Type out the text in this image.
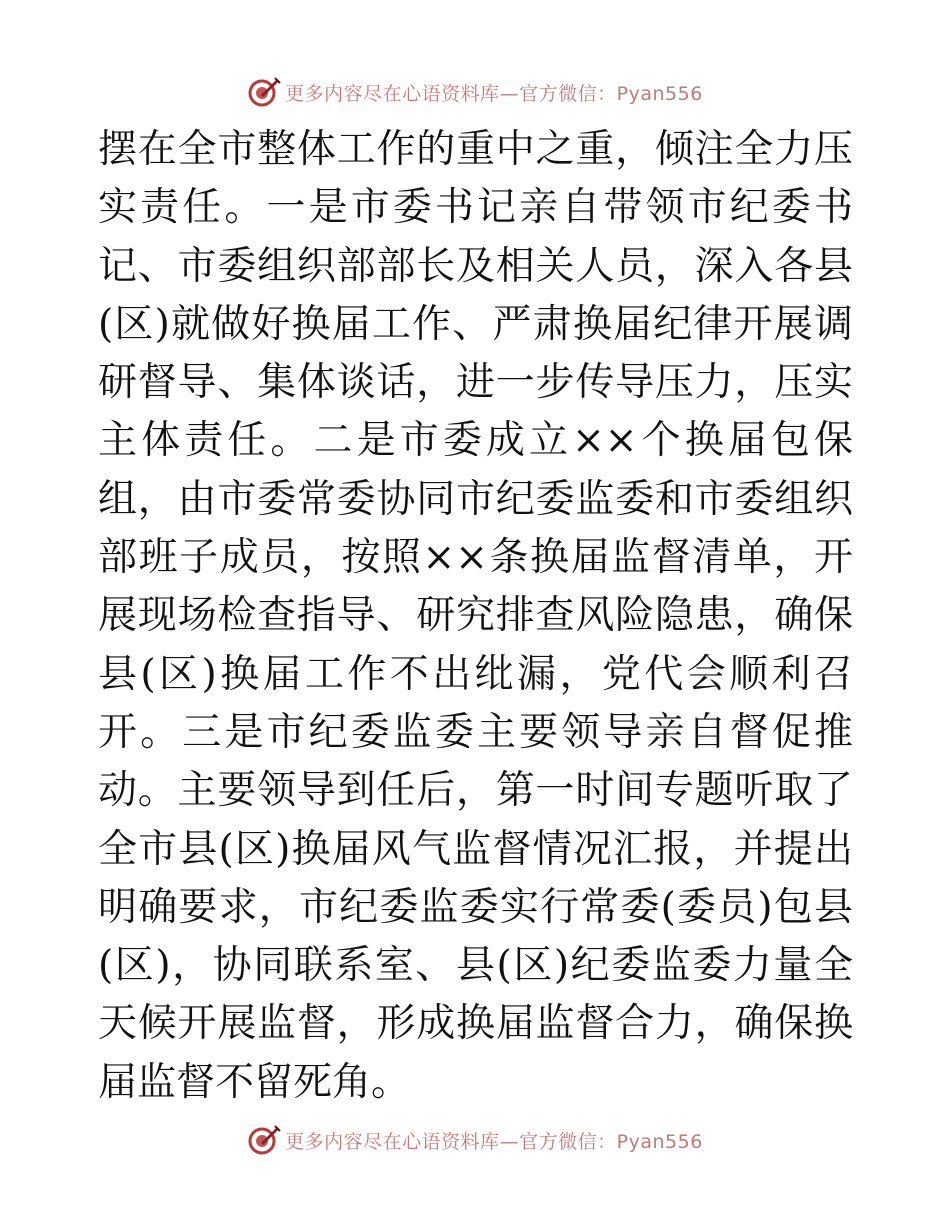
更多内容尽在心语资料库—官方微信：Pyan556

摆在全市整体工作的重中之重，倾注全力压实责任。一是市委书记亲自带领市纪委书记、市委组织部部长及相关人员，深入各县(区)就做好换届工作、严肃换届纪律开展调研督导、集体谈话，进一步传导压力，压实主体责任。二是市委成立××个换届包保组，由市委常委协同市纪委监委和市委组织部班子成员，按照××条换届监督清单，开展现场检查指导、研究排查风险隐患，确保县(区)换届工作不出纰漏，党代会顺利召开。三是市纪委监委主要领导亲自督促推动。主要领导到任后，第一时间专题听取了全市县(区)换届风气监督情况汇报，并提出明确要求，市纪委监委实行常委(委员)包县(区)，协同联系室、县(区)纪委监委力量全天候开展监督，形成换届监督合力，确保换届监督不留死角。

更多内容尽在心语资料库—官方微信：Pyan556
